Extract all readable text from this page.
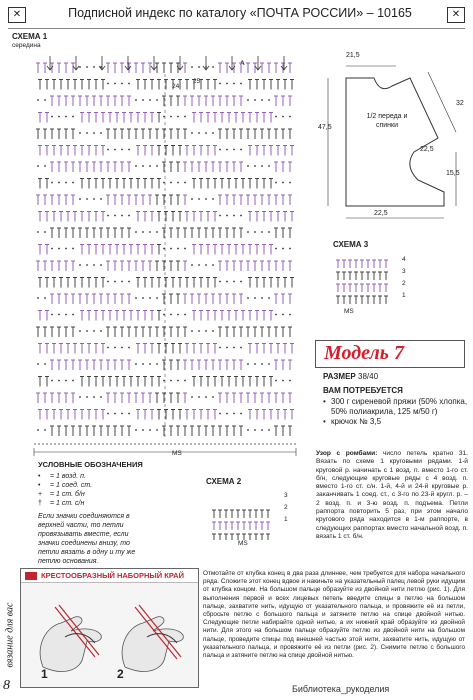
✕	Подписной индекс по каталогу «ПОЧТА РОССИИ» – 10165	✕
СХЕМА 1
середина
А
24
25
MS
21,5
32
47,5
1/2 переда и спинки
22,5
15,5
22,5
СХЕМА 3
MS
4
3
2
1
Модель 7
РАЗМЕР 38/40
ВАМ ПОТРЕБУЕТСЯ
• 300 г сиреневой пряжи (50% хлопка, 50% полиакрила, 125 м/50 г)
• крючок № 3,5
Узор с ромбами: число петель кратно 31. Вязать по схеме 1 круговыми рядами. 1-й круговой р. начинать с 1 возд. п. вместо 1-го ст. б/н, следующие круговые ряды с 4 возд. п. вместо 1-го ст. с/н. 1-й, 4-й и 24-й круговые р. заканчивать 1 соед. ст., с 3-го по 23-й кругл. р. – 2 возд. п. и 3-ю возд. п. подъема. Петли раппорта повторить 5 раз, при этом начало кругового ряда находится в 1-м раппорте, в следующих раппортах вместо начальной возд. п. вязать 1 ст. б/н.
УСЛОВНЫЕ ОБОЗНАЧЕНИЯ
• = 1 возд. п.
• = 1 соед. ст.
+ = 1 ст. б/н
† = 1 ст. с/н
Если значки соединяются в верхней части, то петли провязывать вместе, если значки соединены внизу, то петли вязать в одну и ту же петлю основания.
СХЕМА 2
MS
3
2
1
КРЕСТООБРАЗНЫЙ НАБОРНЫЙ КРАЙ
1	2
Отмотайте от клубка конец в два раза длиннее, чем требуется для набора начального ряда. Сложите этот конец вдвое и накиньте на указательный палец левой руки идущим от клубка концом. На большом пальце образуйте из двойной нити петлю (рис. 1). Для выполнения первой и всех лицевых петель введите спицы в петлю на большом пальце, захватите нить, идущую от указательного пальца, и провяжите её из петли, сбросьте петлю с большого пальца и затяните петлю на спице двойной нитью. Следующие петли набирайте одной нитью, а их нижний край образуйте из двойной нити. Для этого на большом пальце образуйте петлю из двойной нити на большом пальце, проведите спицы под внешней частью этой нити, захватите нить, идущую от указательного пальца, и провяжите её из петли (рис. 2). Снимите петлю с большого пальца и затяните петлю на спице двойной нитью.
вязание для вас
8	Библиотека_рукоделия
